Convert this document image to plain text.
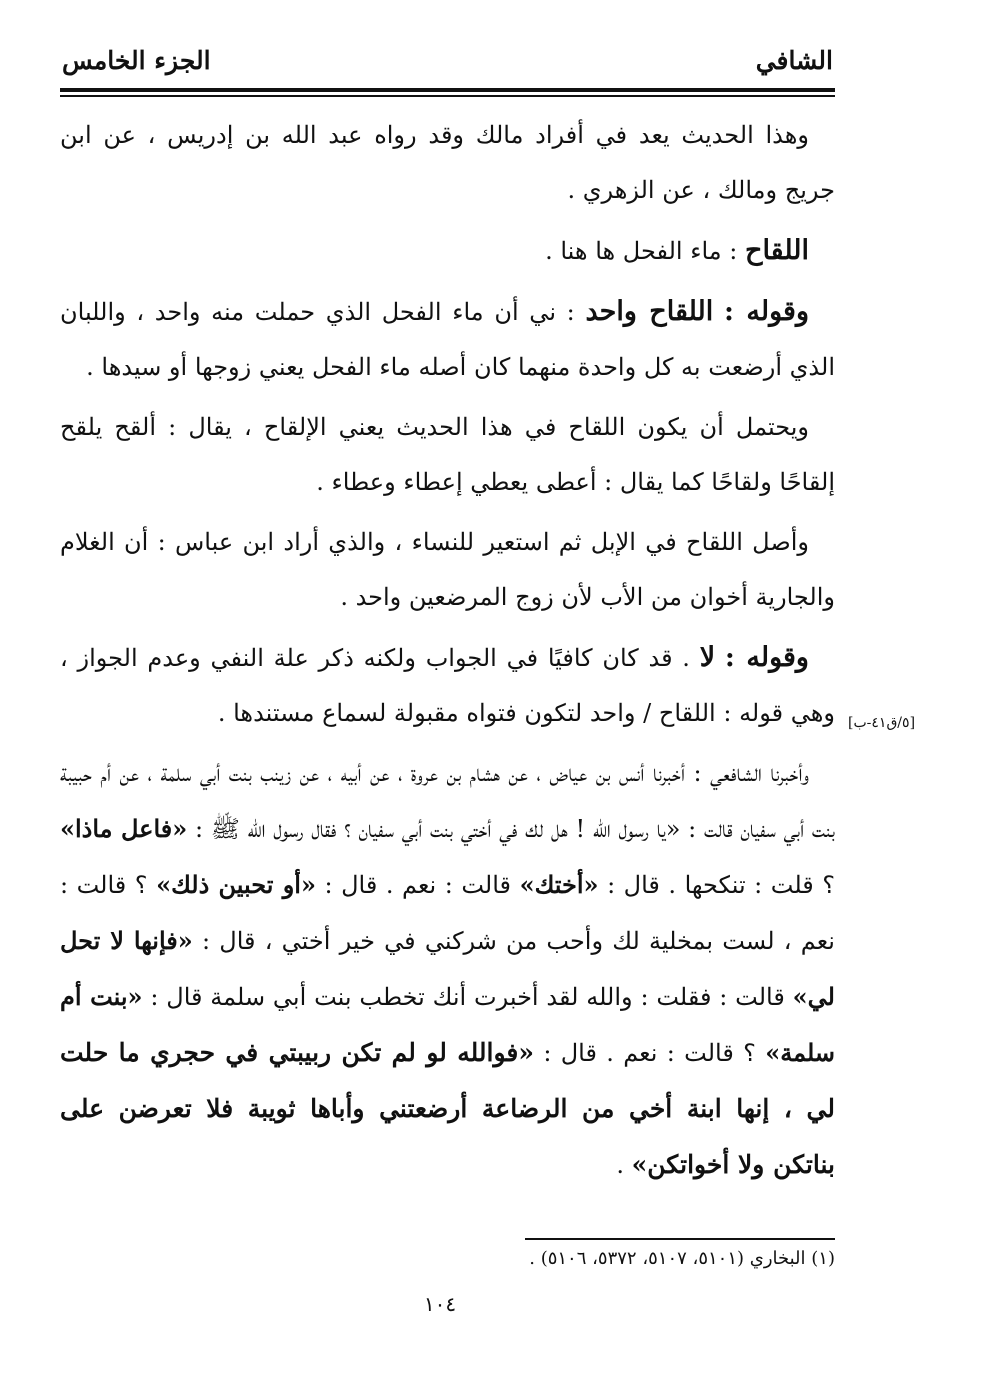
الشافي
الجزء الخامس

وهذا الحديث يعد في أفراد مالك وقد رواه عبد الله بن إدريس ، عن ابن جريج ومالك ، عن الزهري .

اللقاح : ماء الفحل ها هنا .

وقوله : اللقاح واحد : ني أن ماء الفحل الذي حملت منه واحد ، واللبان الذي أرضعت به كل واحدة منهما كان أصله ماء الفحل يعني زوجها أو سيدها .

ويحتمل أن يكون اللقاح في هذا الحديث يعني الإلقاح ، يقال : ألقح يلقح إلقاحًا ولقاحًا كما يقال : أعطى يعطي إعطاء وعطاء .

وأصل اللقاح في الإبل ثم استعير للنساء ، والذي أراد ابن عباس : أن الغلام والجارية أخوان من الأب لأن زوج المرضعين واحد .

وقوله : لا . قد كان كافيًا في الجواب ولكنه ذكر علة النفي وعدم الجواز ، وهي قوله : اللقاح / واحد لتكون فتواه مقبولة لسماع مستندها .

وأخبرنا الشافعي : أخبرنا أنس بن عياض ، عن هشام بن عروة ، عن أبيه ، عن زينب بنت أبي سلمة ، عن أم حبيبة بنت أبي سفيان قالت : «يا رسول الله ! هل لك في أختي بنت أبي سفيان ؟ فقال رسول الله ﷺ : «فاعل ماذا» ؟ قلت : تنكحها . قال : «أختك» قالت : نعم . قال : «أو تحبين ذلك» ؟ قالت : نعم ، لست بمخلية لك وأحب من شركني في خير أختي ، قال : «فإنها لا تحل لي» قالت : فقلت : والله لقد أخبرت أنك تخطب بنت أبي سلمة قال : «بنت أم سلمة» ؟ قالت : نعم . قال : «فوالله لو لم تكن ربيبتي في حجري ما حلت لي ، إنها ابنة أخي من الرضاعة أرضعتني وأباها ثويبة فلا تعرضن على بناتكن ولا أخواتكن» .

[٥/ق٤١-ب]
(١) البخاري (٥١٠١، ٥١٠٧، ٥٣٧٢، ٥١٠٦) .
١٠٤
